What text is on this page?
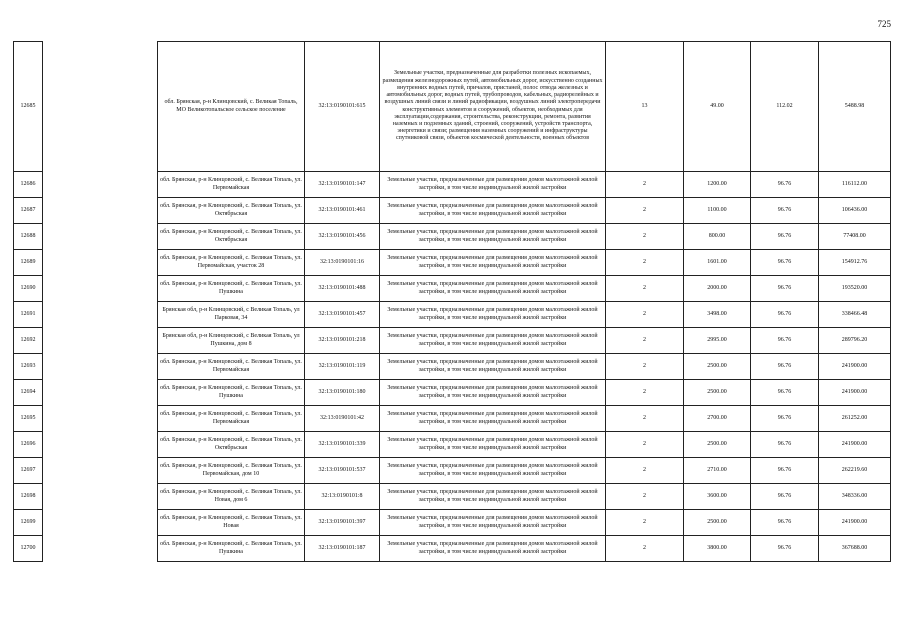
725
12685		обл. Брянская, р-н Клинцовский, с. Великая Топаль, МО Великотопальское сельское поселение	32:13:0190101:615	Земельные участки, предназначенные для разработки полезных ископаемых, размещения железнодорожных путей, автомобильных дорог, искусственно созданных внутренних водных путей, причалов, пристаней, полос отвода железных и автомобильных дорог, водных путей, трубопроводов, кабельных, радиорелейных и воздушных линий связи и линий радиофикации, воздушных линий электропередачи конструктивных элементов и сооружений, объектов, необходимых для эксплуатации,содержания, строительства, реконструкции, ремонта, развития наземных и подземных зданий, строений, сооружений, устройств транспорта, энергетики и связи; размещения наземных сооружений и инфраструктуры спутниковой связи, объектов космической деятельности, военных объектов	13	49.00	112.02	5488.98
12686		обл. Брянская, р-н Клинцовский, с. Великая Топаль, ул. Первомайская	32:13:0190101:147	Земельные участки, предназначенные для размещения домов малоэтажной жилой застройки, в том числе индивидуальной жилой застройки	2	1200.00	96.76	116112.00
12687		обл. Брянская, р-н Клинцовский, с. Великая Топаль, ул. Октябрьская	32:13:0190101:461	Земельные участки, предназначенные для размещения домов малоэтажной жилой застройки, в том числе индивидуальной жилой застройки	2	1100.00	96.76	106436.00
12688		обл. Брянская, р-н Клинцовский, с. Великая Топаль, ул. Октябрьская	32:13:0190101:456	Земельные участки, предназначенные для размещения домов малоэтажной жилой застройки, в том числе индивидуальной жилой застройки	2	800.00	96.76	77408.00
12689		обл. Брянская, р-н Клинцовский, с. Великая Топаль, ул. Первомайская, участок 28	32:13:0190101:16	Земельные участки, предназначенные для размещения домов малоэтажной жилой застройки, в том числе индивидуальной жилой застройки	2	1601.00	96.76	154912.76
12690		обл. Брянская, р-н Клинцовский, с. Великая Топаль, ул. Пушкина	32:13:0190101:488	Земельные участки, предназначенные для размещения домов малоэтажной жилой застройки, в том числе индивидуальной жилой застройки	2	2000.00	96.76	193520.00
12691		Брянская обл, р-н Клинцовский, с Великая Топаль, ул Парковая, 34	32:13:0190101:457	Земельные участки, предназначенные для размещения домов малоэтажной жилой застройки, в том числе индивидуальной жилой застройки	2	3498.00	96.76	338466.48
12692		Брянская обл, р-н Клинцовский, с Великая Топаль, ул Пушкина, дом 8	32:13:0190101:218	Земельные участки, предназначенные для размещения домов малоэтажной жилой застройки, в том числе индивидуальной жилой застройки	2	2995.00	96.76	289796.20
12693		обл. Брянская, р-н Клинцовский, с. Великая Топаль, ул. Первомайская	32:13:0190101:119	Земельные участки, предназначенные для размещения домов малоэтажной жилой застройки, в том числе индивидуальной жилой застройки	2	2500.00	96.76	241900.00
12694		обл. Брянская, р-н Клинцовский, с. Великая Топаль, ул. Пушкина	32:13:0190101:180	Земельные участки, предназначенные для размещения домов малоэтажной жилой застройки, в том числе индивидуальной жилой застройки	2	2500.00	96.76	241900.00
12695		обл. Брянская, р-н Клинцовский, с. Великая Топаль, ул. Первомайская	32:13:0190101:42	Земельные участки, предназначенные для размещения домов малоэтажной жилой застройки, в том числе индивидуальной жилой застройки	2	2700.00	96.76	261252.00
12696		обл. Брянская, р-н Клинцовский, с. Великая Топаль, ул. Октябрьская	32:13:0190101:339	Земельные участки, предназначенные для размещения домов малоэтажной жилой застройки, в том числе индивидуальной жилой застройки	2	2500.00	96.76	241900.00
12697		обл. Брянская, р-н Клинцовский, с. Великая Топаль, ул. Первомайская, дом 10	32:13:0190101:537	Земельные участки, предназначенные для размещения домов малоэтажной жилой застройки, в том числе индивидуальной жилой застройки	2	2710.00	96.76	262219.60
12698		обл. Брянская, р-н Клинцовский, с. Великая Топаль, ул. Новая, дом 6	32:13:0190101:8	Земельные участки, предназначенные для размещения домов малоэтажной жилой застройки, в том числе индивидуальной жилой застройки	2	3600.00	96.76	348336.00
12699		обл. Брянская, р-н Клинцовский, с. Великая Топаль, ул. Новая	32:13:0190101:397	Земельные участки, предназначенные для размещения домов малоэтажной жилой застройки, в том числе индивидуальной жилой застройки	2	2500.00	96.76	241900.00
12700		обл. Брянская, р-н Клинцовский, с. Великая Топаль, ул. Пушкина	32:13:0190101:187	Земельные участки, предназначенные для размещения домов малоэтажной жилой застройки, в том числе индивидуальной жилой застройки	2	3800.00	96.76	367688.00
